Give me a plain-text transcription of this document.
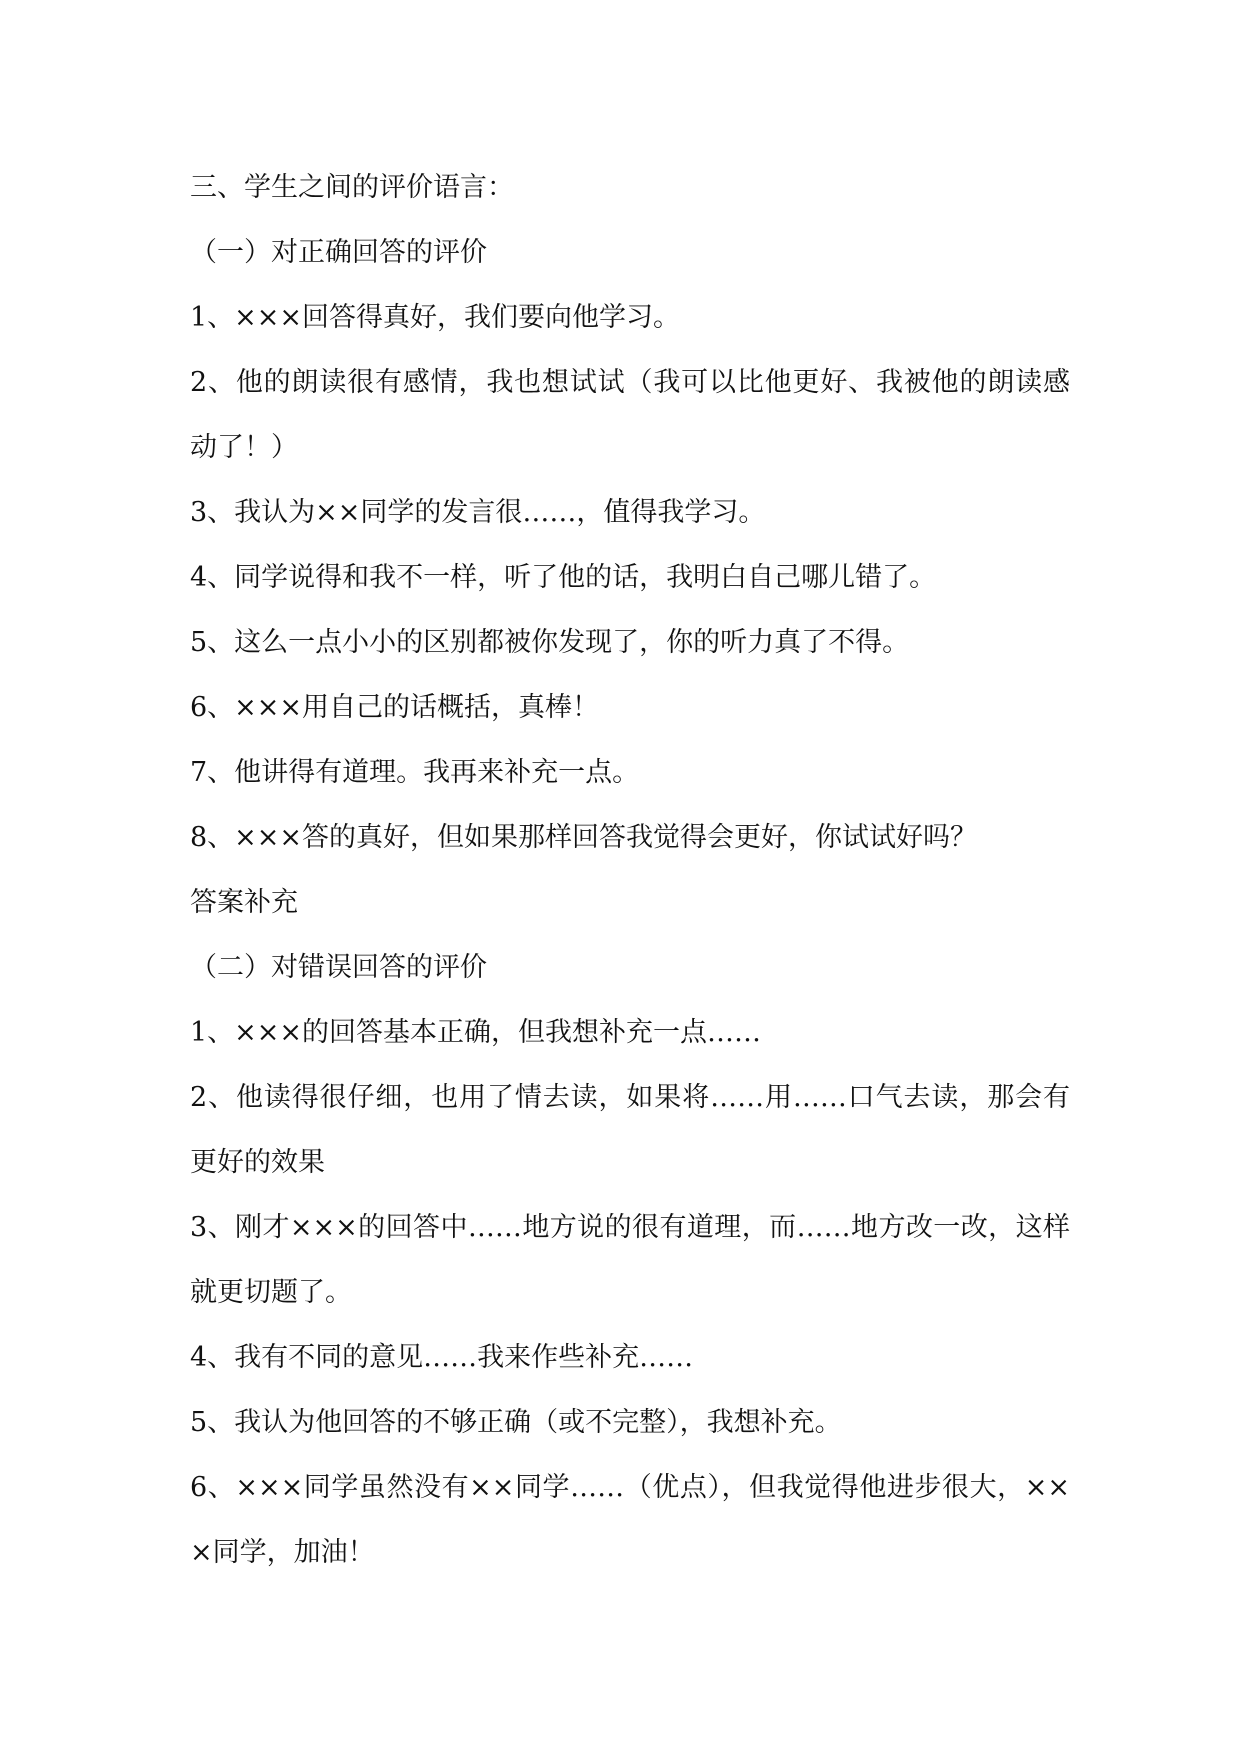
三、学生之间的评价语言：
（一）对正确回答的评价
1、×××回答得真好，我们要向他学习。
2、他的朗读很有感情，我也想试试（我可以比他更好、我被他的朗读感动了！）
3、我认为××同学的发言很……，值得我学习。
4、同学说得和我不一样，听了他的话，我明白自己哪儿错了。
5、这么一点小小的区别都被你发现了，你的听力真了不得。
6、×××用自己的话概括，真棒！
7、他讲得有道理。我再来补充一点。
8、×××答的真好，但如果那样回答我觉得会更好，你试试好吗？
答案补充
（二）对错误回答的评价
1、×××的回答基本正确，但我想补充一点……
2、他读得很仔细，也用了情去读，如果将……用……口气去读，那会有更好的效果
3、刚才×××的回答中……地方说的很有道理，而……地方改一改，这样就更切题了。
4、我有不同的意见……我来作些补充……
5、我认为他回答的不够正确（或不完整），我想补充。
6、×××同学虽然没有××同学……（优点），但我觉得他进步很大，×××同学，加油！
